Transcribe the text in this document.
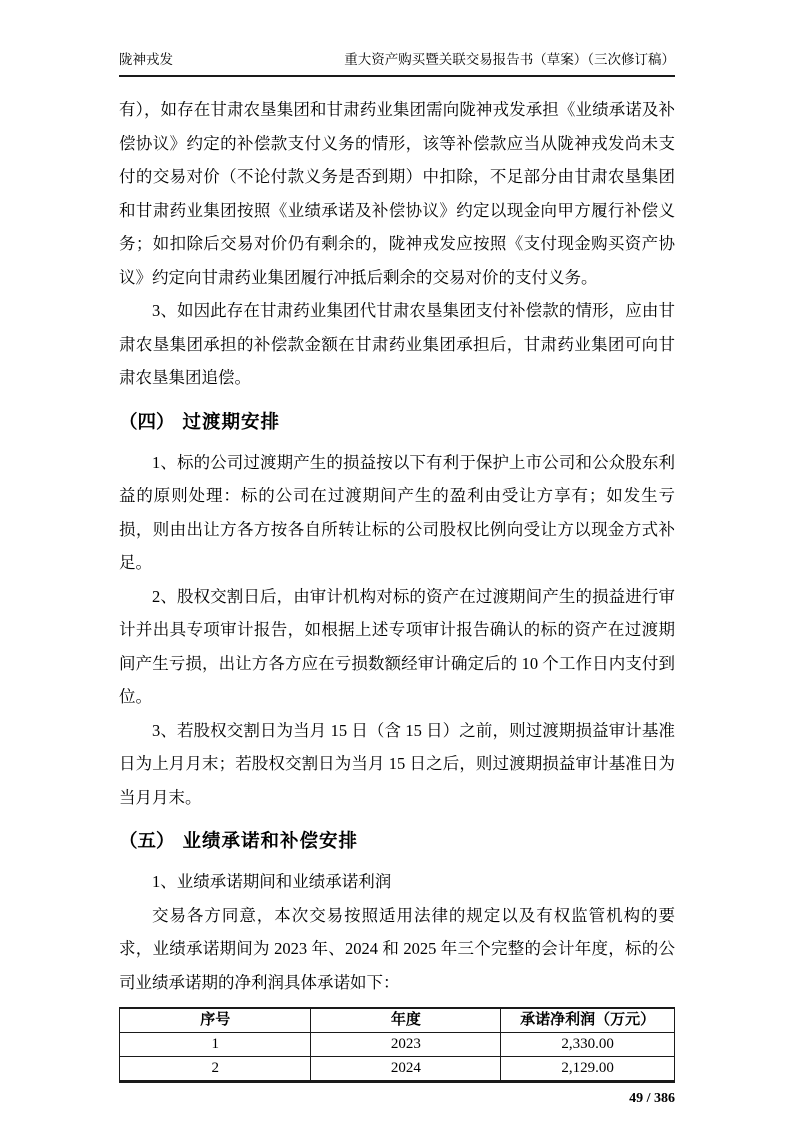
陇神戎发	重大资产购买暨关联交易报告书（草案）（三次修订稿）

有），如存在甘肃农垦集团和甘肃药业集团需向陇神戎发承担《业绩承诺及补偿协议》约定的补偿款支付义务的情形，该等补偿款应当从陇神戎发尚未支付的交易对价（不论付款义务是否到期）中扣除，不足部分由甘肃农垦集团和甘肃药业集团按照《业绩承诺及补偿协议》约定以现金向甲方履行补偿义务；如扣除后交易对价仍有剩余的，陇神戎发应按照《支付现金购买资产协议》约定向甘肃药业集团履行冲抵后剩余的交易对价的支付义务。

3、如因此存在甘肃药业集团代甘肃农垦集团支付补偿款的情形，应由甘肃农垦集团承担的补偿款金额在甘肃药业集团承担后，甘肃药业集团可向甘肃农垦集团追偿。

（四） 过渡期安排

1、标的公司过渡期产生的损益按以下有利于保护上市公司和公众股东利益的原则处理：标的公司在过渡期间产生的盈利由受让方享有；如发生亏损，则由出让方各方按各自所转让标的公司股权比例向受让方以现金方式补足。

2、股权交割日后，由审计机构对标的资产在过渡期间产生的损益进行审计并出具专项审计报告，如根据上述专项审计报告确认的标的资产在过渡期间产生亏损，出让方各方应在亏损数额经审计确定后的 10 个工作日内支付到位。

3、若股权交割日为当月 15 日（含 15 日）之前，则过渡期损益审计基准日为上月月末；若股权交割日为当月 15 日之后，则过渡期损益审计基准日为当月月末。

（五） 业绩承诺和补偿安排

1、业绩承诺期间和业绩承诺利润

交易各方同意，本次交易按照适用法律的规定以及有权监管机构的要求，业绩承诺期间为 2023 年、2024 和 2025 年三个完整的会计年度，标的公司业绩承诺期的净利润具体承诺如下：

序号	年度	承诺净利润（万元）
1	2023	2,330.00
2	2024	2,129.00
49 / 386
